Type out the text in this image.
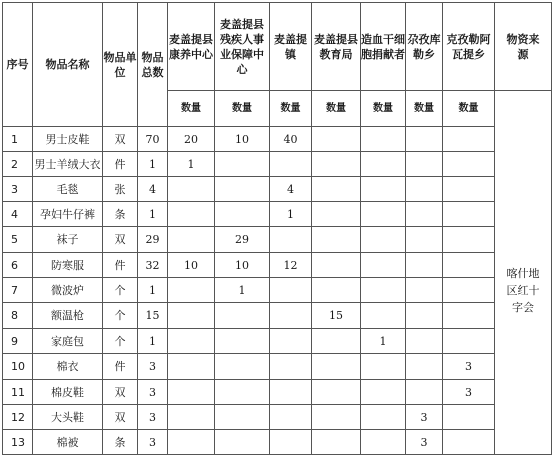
序号	物品名称	物品单位	物品总数	麦盖提县康养中心	麦盖提县残疾人事业保障中心	麦盖提镇	麦盖提县教育局	造血干细胞捐献者	尕孜库勒乡	克孜勒阿瓦提乡	物资来源
				数量	数量	数量	数量	数量	数量	数量	
1	男士皮鞋	双	70	20	10	40					喀什地区红十字会
2	男士羊绒大衣	件	1	1							
3	毛毯	张	4			4					
4	孕妇牛仔裤	条	1			1					
5	袜子	双	29		29						
6	防寒服	件	32	10	10	12					
7	微波炉	个	1		1						
8	额温枪	个	15				15				
9	家庭包	个	1					1			
10	棉衣	件	3							3	
11	棉皮鞋	双	3							3	
12	大头鞋	双	3						3		
13	棉被	条	3						3		
